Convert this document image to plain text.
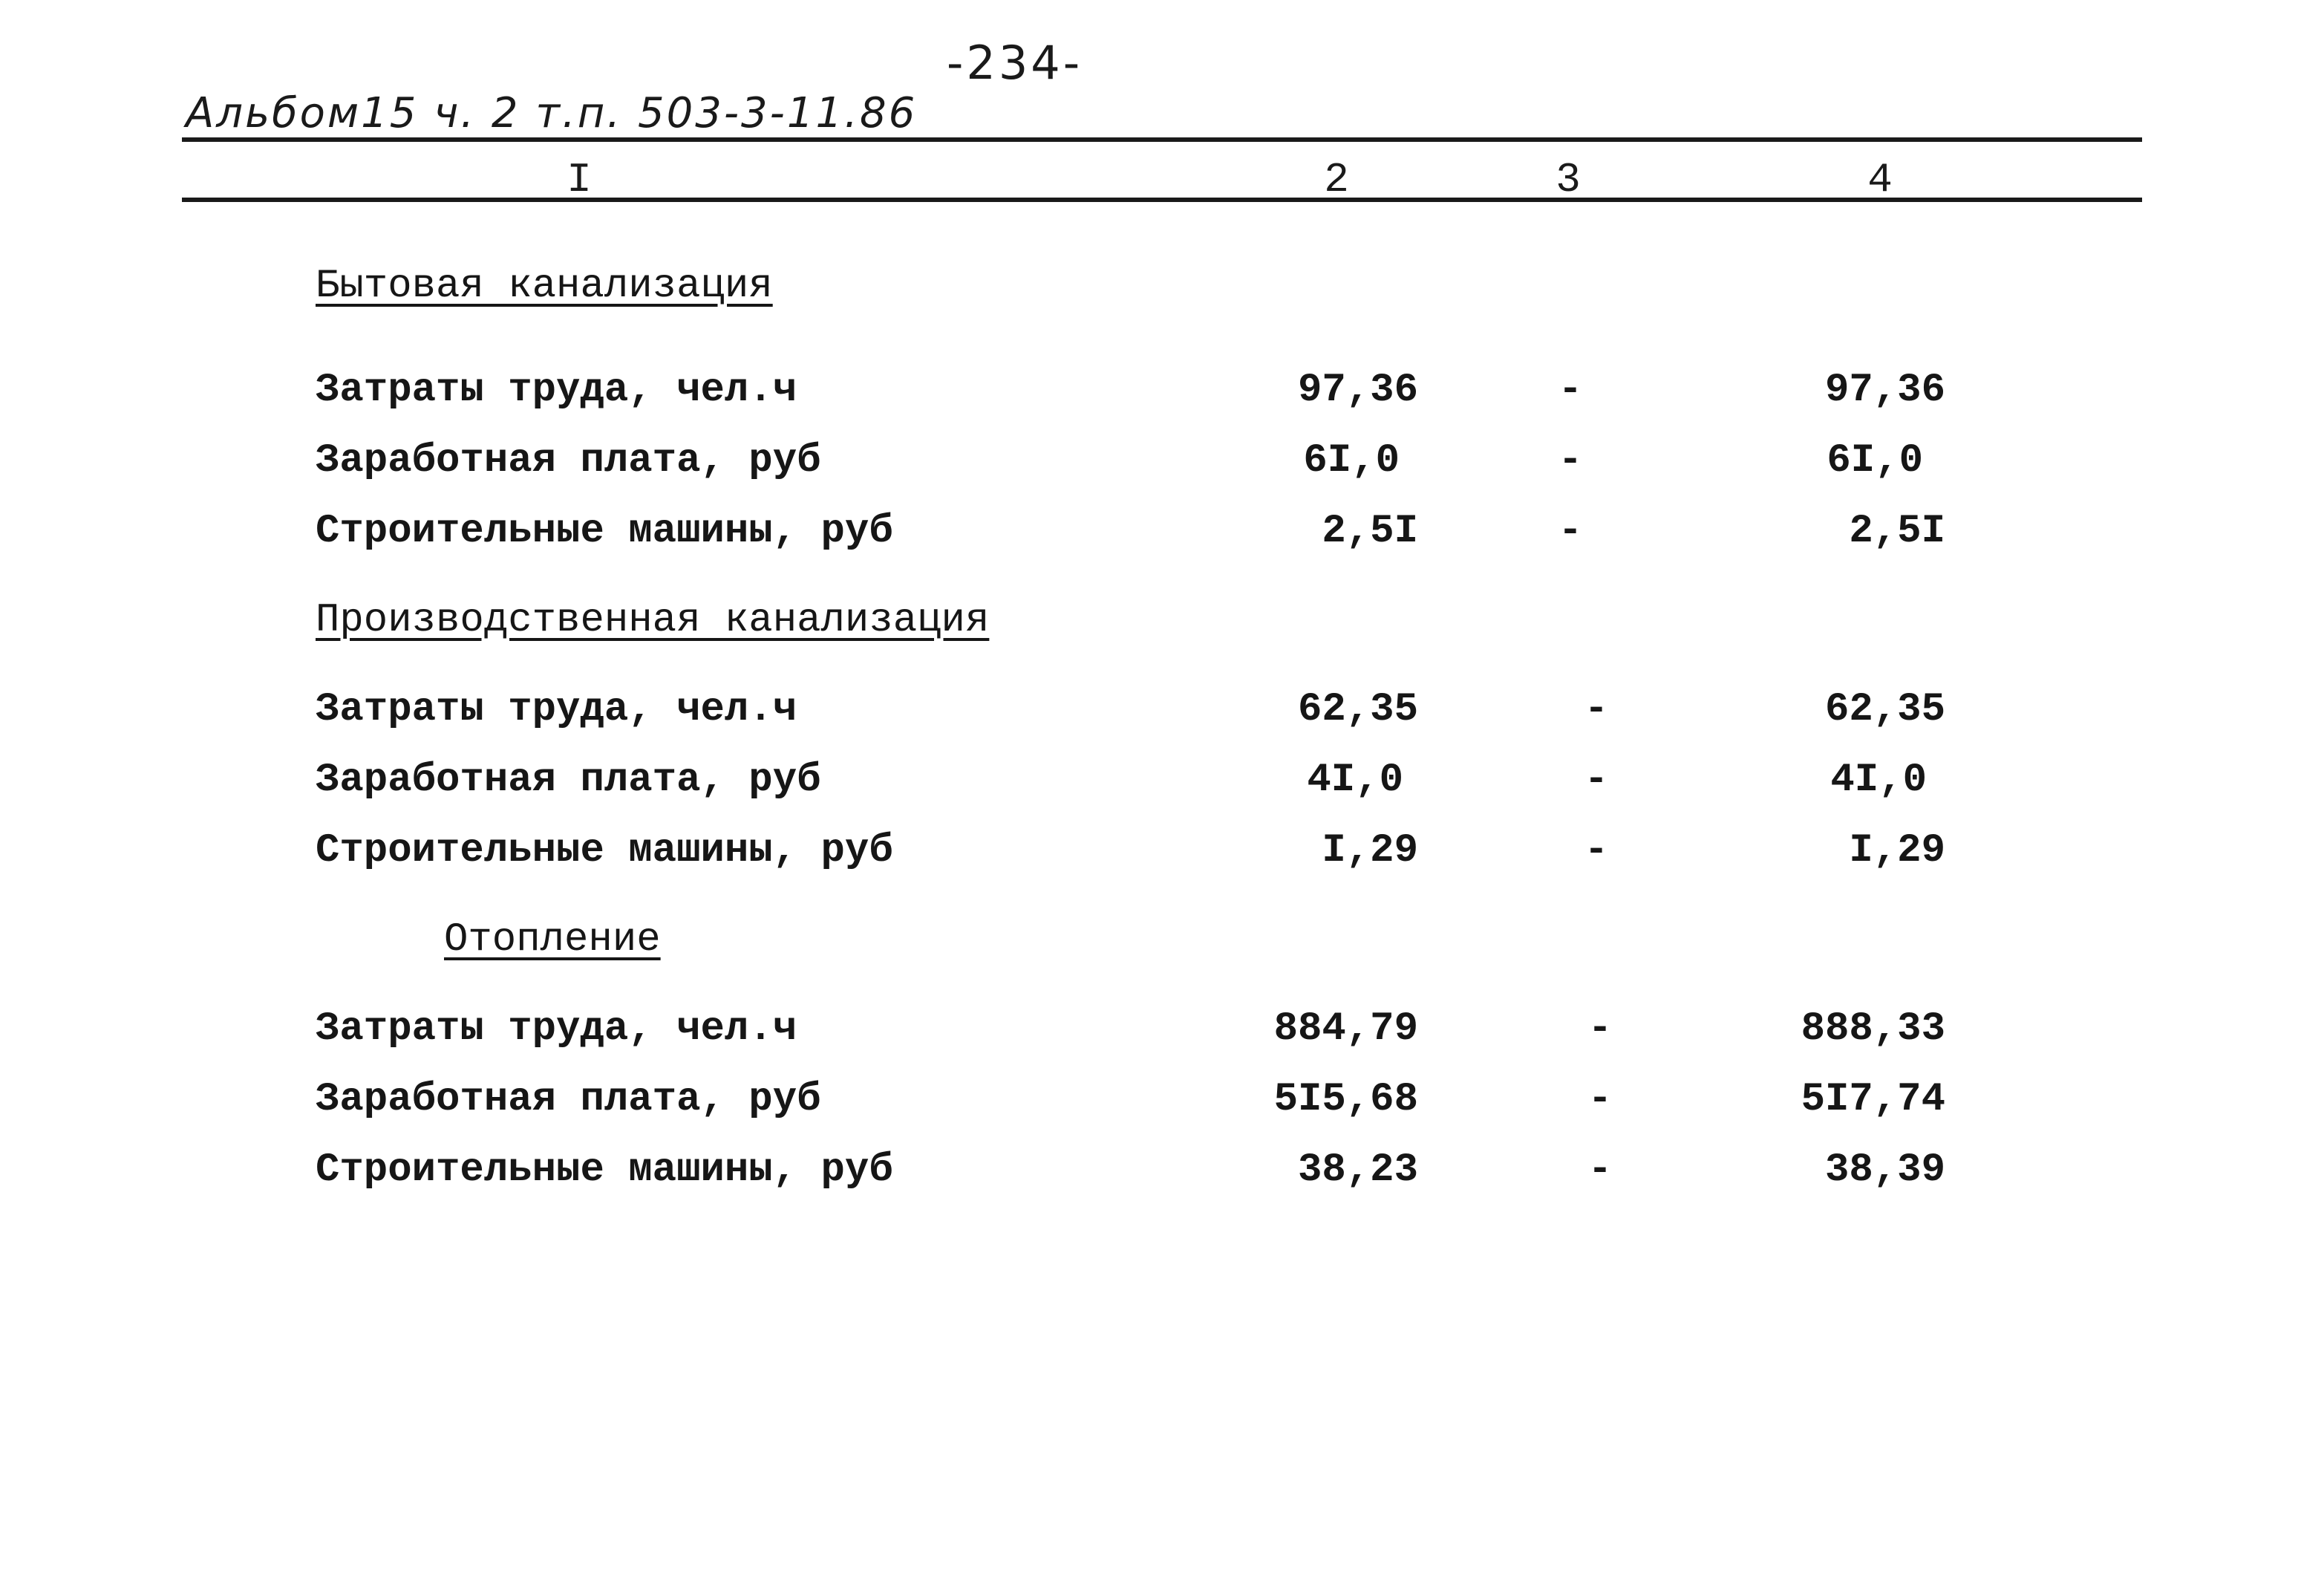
-234-
Альбом15 ч. 2 т.п. 503-3-11.86
I	2	3	4
Бытовая канализация
Затраты труда, чел.ч	97,36	-	97,36
Заработная плата, руб	6I,0	-	6I,0
Строительные машины, руб	2,5I	-	2,5I
Производственная канализация
Затраты труда, чел.ч	62,35	-	62,35
Заработная плата, руб	4I,0	-	4I,0
Строительные машины, руб	I,29	-	I,29
Отопление
Затраты труда, чел.ч	884,79	-	888,33
Заработная плата, руб	5I5,68	-	5I7,74
Строительные машины, руб	38,23	-	38,39
